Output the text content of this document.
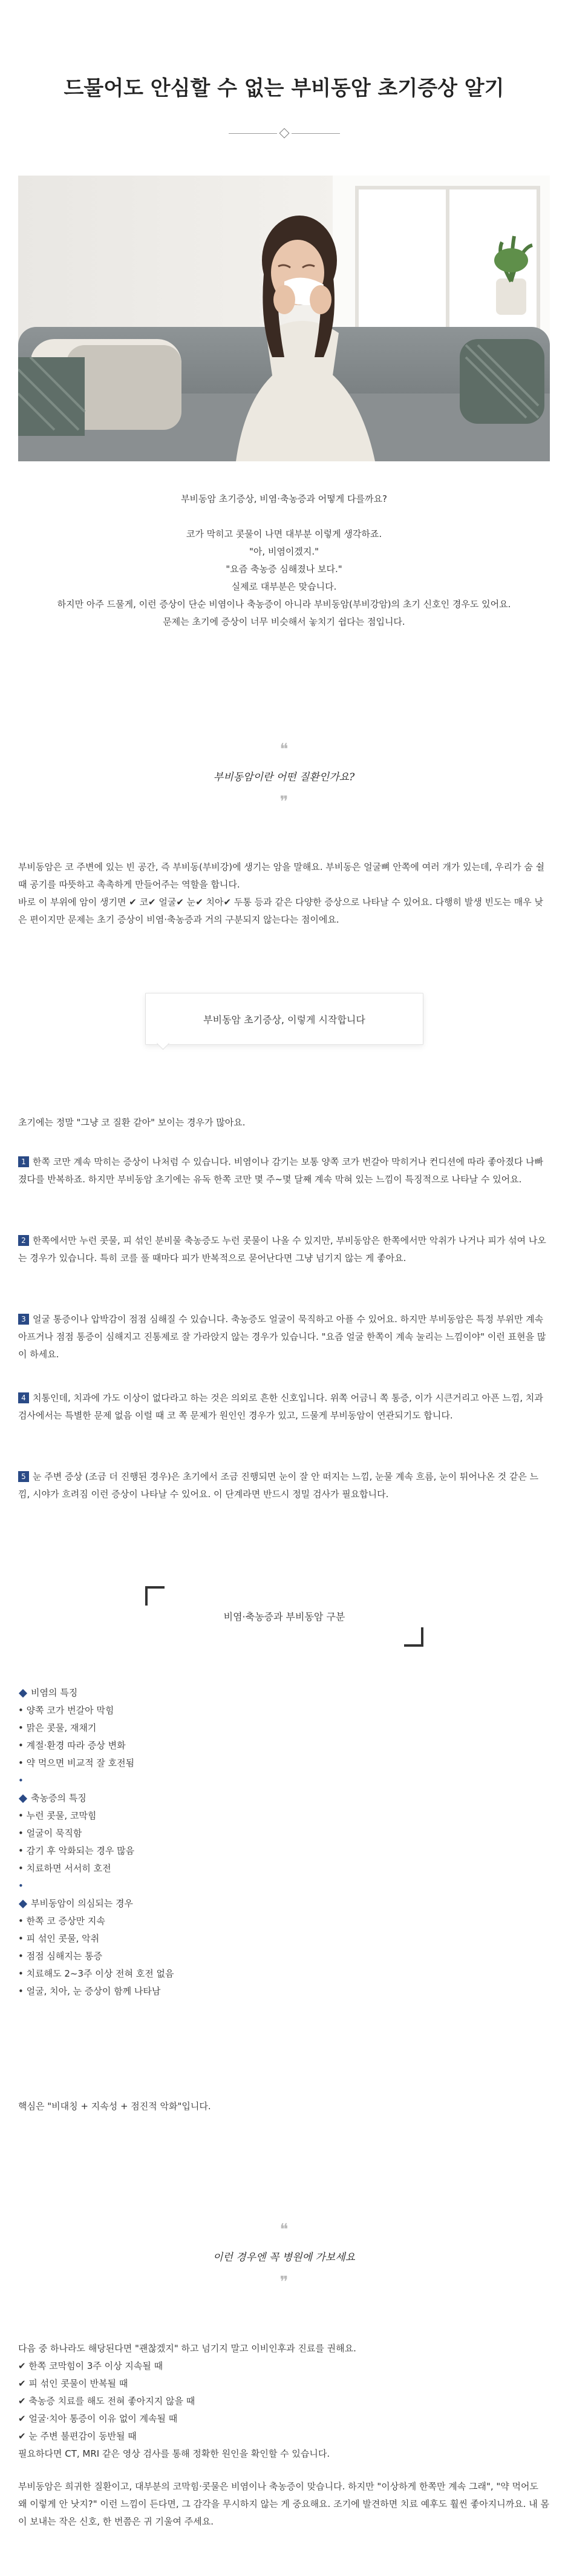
드물어도 안심할 수 없는 부비동암 초기증상 알기

부비동암 초기증상, 비염·축농증과 어떻게 다를까요?

코가 막히고 콧물이 나면 대부분 이렇게 생각하죠.

"아, 비염이겠지."

"요즘 축농증 심해졌나 보다."

실제로 대부분은 맞습니다.

하지만 아주 드물게, 이런 증상이 단순 비염이나 축농증이 아니라 부비동암(부비강암)의 초기 신호인 경우도 있어요.

문제는 초기에 증상이 너무 비슷해서 놓치기 쉽다는 점입니다.

❝
부비동암이란 어떤 질환인가요?
❞

부비동암은 코 주변에 있는 빈 공간, 즉 부비동(부비강)에 생기는 암을 말해요. 부비동은 얼굴뼈 안쪽에 여러 개가 있는데, 우리가 숨 쉴 때 공기를 따뜻하고 촉촉하게 만들어주는 역할을 합니다.

바로 이 부위에 암이 생기면 ✔ 코✔ 얼굴✔ 눈✔ 치아✔ 두통 등과 같은 다양한 증상으로 나타날 수 있어요. 다행히 발생 빈도는 매우 낮은 편이지만 문제는 초기 증상이 비염·축농증과 거의 구분되지 않는다는 점이에요.

부비동암 초기증상, 이렇게 시작합니다

초기에는 정말 "그냥 코 질환 같아" 보이는 경우가 많아요.

1 한쪽 코만 계속 막히는 증상이 나처럼 수 있습니다. 비염이나 감기는 보통 양쪽 코가 번갈아 막히거나 컨디션에 따라 좋아졌다 나빠졌다를 반복하죠. 하지만 부비동암 초기에는 유독 한쪽 코만 몇 주~몇 달째 계속 막혀 있는 느낌이 특징적으로 나타날 수 있어요.

2 한쪽에서만 누런 콧물, 피 섞인 분비물 축농증도 누런 콧물이 나올 수 있지만, 부비동암은 한쪽에서만 악취가 나거나 피가 섞여 나오는 경우가 있습니다. 특히 코를 풀 때마다 피가 반복적으로 묻어난다면 그냥 넘기지 않는 게 좋아요.

3 얼굴 통증이나 압박감이 점점 심해질 수 있습니다. 축농증도 얼굴이 묵직하고 아플 수 있어요. 하지만 부비동암은 특정 부위만 계속 아프거나 점점 통증이 심해지고 진통제로 잘 가라앉지 않는 경우가 있습니다. "요즘 얼굴 한쪽이 계속 눌리는 느낌이야" 이런 표현을 많이 하세요.

4 치통인데, 치과에 가도 이상이 없다라고 하는 것은 의외로 흔한 신호입니다. 위쪽 어금니 쪽 통증, 이가 시큰거리고 아픈 느낌, 치과 검사에서는 특별한 문제 없음 이럴 때 코 쪽 문제가 원인인 경우가 있고, 드물게 부비동암이 연관되기도 합니다.

5 눈 주변 증상 (조금 더 진행된 경우)은 초기에서 조금 진행되면 눈이 잘 안 떠지는 느낌, 눈물 계속 흐름, 눈이 튀어나온 것 같은 느낌, 시야가 흐려짐 이런 증상이 나타날 수 있어요. 이 단계라면 반드시 정밀 검사가 필요합니다.

비염·축농증과 부비동암 구분
비염의 특징
• 양쪽 코가 번갈아 막힘
• 맑은 콧물, 재채기
• 계절·환경 따라 증상 변화
• 약 먹으면 비교적 잘 호전됨
•
축농증의 특징
• 누런 콧물, 코막힘
• 얼굴이 묵직함
• 감기 후 악화되는 경우 많음
• 치료하면 서서히 호전
•
부비동암이 의심되는 경우
• 한쪽 코 증상만 지속
• 피 섞인 콧물, 악취
• 점점 심해지는 통증
• 치료해도 2~3주 이상 전혀 호전 없음
• 얼굴, 치아, 눈 증상이 함께 나타남

핵심은 "비대칭 + 지속성 + 점진적 악화"입니다.

❝
이런 경우엔 꼭 병원에 가보세요
❞
다음 중 하나라도 해당된다면 "괜찮겠지" 하고 넘기지 말고 이비인후과 진료를 권해요.
✔ 한쪽 코막힘이 3주 이상 지속될 때
✔ 피 섞인 콧물이 반복될 때
✔ 축농증 치료를 해도 전혀 좋아지지 않을 때
✔ 얼굴·치아 통증이 이유 없이 계속될 때
✔ 눈 주변 불편감이 동반될 때
필요하다면 CT, MRI 같은 영상 검사를 통해 정확한 원인을 확인할 수 있습니다.

부비동암은 희귀한 질환이고, 대부분의 코막힘·콧물은 비염이나 축농증이 맞습니다. 하지만 "이상하게 한쪽만 계속 그래", "약 먹어도 왜 이렇게 안 낫지?" 이런 느낌이 든다면, 그 감각을 무시하지 않는 게 중요해요. 조기에 발견하면 치료 예후도 훨씬 좋아지니까요. 내 몸이 보내는 작은 신호, 한 번쯤은 귀 기울여 주세요.
